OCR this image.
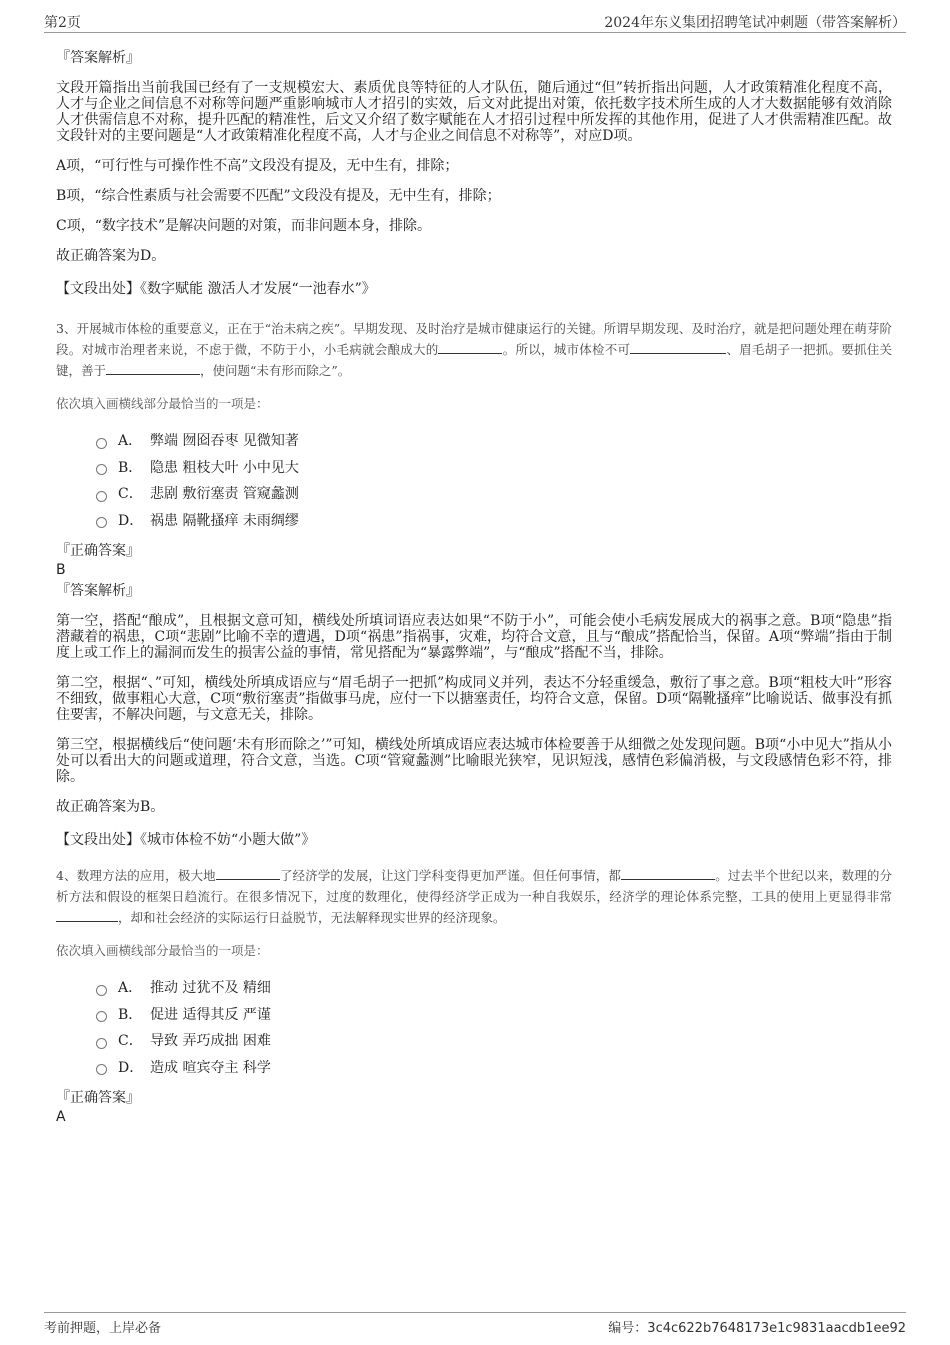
第2页	2024年东义集团招聘笔试冲刺题（带答案解析）
『答案解析』

文段开篇指出当前我国已经有了一支规模宏大、素质优良等特征的人才队伍，随后通过“但”转折指出问题，人才政策精准化程度不高，人才与企业之间信息不对称等问题严重影响城市人才招引的实效，后文对此提出对策，依托数字技术所生成的人才大数据能够有效消除人才供需信息不对称，提升匹配的精准性，后文又介绍了数字赋能在人才招引过程中所发挥的其他作用，促进了人才供需精准匹配。故文段针对的主要问题是“人才政策精准化程度不高，人才与企业之间信息不对称等”，对应D项。

A项，“可行性与可操作性不高”文段没有提及，无中生有，排除；

B项，“综合性素质与社会需要不匹配”文段没有提及，无中生有，排除；

C项，“数字技术”是解决问题的对策，而非问题本身，排除。

故正确答案为D。

【文段出处】《数字赋能 激活人才发展“一池春水”》

3、开展城市体检的重要意义，正在于“治未病之疾”。早期发现、及时治疗是城市健康运行的关键。所谓早期发现、及时治疗，就是把问题处理在萌芽阶段。对城市治理者来说，不虑于微，不防于小，小毛病就会酿成大的	。所以，城市体检不可	、眉毛胡子一把抓。要抓住关键，善于	，使问题“未有形而除之”。
依次填入画横线部分最恰当的一项是：
A． 弊端 囫囵吞枣 见微知著
B． 隐患 粗枝大叶 小中见大
C． 悲剧 敷衍塞责 管窥蠡测
D． 祸患 隔靴搔痒 未雨绸缪
『正确答案』
B
『答案解析』

第一空，搭配“酿成”，且根据文意可知，横线处所填词语应表达如果“不防于小”，可能会使小毛病发展成大的祸事之意。B项“隐患”指潜藏着的祸患，C项“悲剧”比喻不幸的遭遇，D项“祸患”指祸事，灾难，均符合文意，且与“酿成”搭配恰当，保留。A项“弊端”指由于制度上或工作上的漏洞而发生的损害公益的事情，常见搭配为“暴露弊端”，与“酿成”搭配不当，排除。

第二空，根据“、”可知，横线处所填成语应与“眉毛胡子一把抓”构成同义并列，表达不分轻重缓急，敷衍了事之意。B项“粗枝大叶”形容不细致，做事粗心大意，C项“敷衍塞责”指做事马虎，应付一下以搪塞责任，均符合文意，保留。D项“隔靴搔痒”比喻说话、做事没有抓住要害，不解决问题，与文意无关，排除。

第三空，根据横线后“使问题‘未有形而除之’”可知，横线处所填成语应表达城市体检要善于从细微之处发现问题。B项“小中见大”指从小处可以看出大的问题或道理，符合文意，当选。C项“管窥蠡测”比喻眼光狭窄，见识短浅，感情色彩偏消极，与文段感情色彩不符，排除。

故正确答案为B。

【文段出处】《城市体检不妨“小题大做”》

4、数理方法的应用，极大地	了经济学的发展，让这门学科变得更加严谨。但任何事情，都	。过去半个世纪以来，数理的分析方法和假设的框架日趋流行。在很多情况下，过度的数理化，使得经济学正成为一种自我娱乐，经济学的理论体系完整，工具的使用上更显得非常，却和社会经济的实际运行日益脱节，无法解释现实世界的经济现象。
依次填入画横线部分最恰当的一项是：
A． 推动 过犹不及 精细
B． 促进 适得其反 严谨
C． 导致 弄巧成拙 困难
D． 造成 喧宾夺主 科学
『正确答案』
A
考前押题，上岸必备	编号：3c4c622b7648173e1c9831aacdb1ee92
